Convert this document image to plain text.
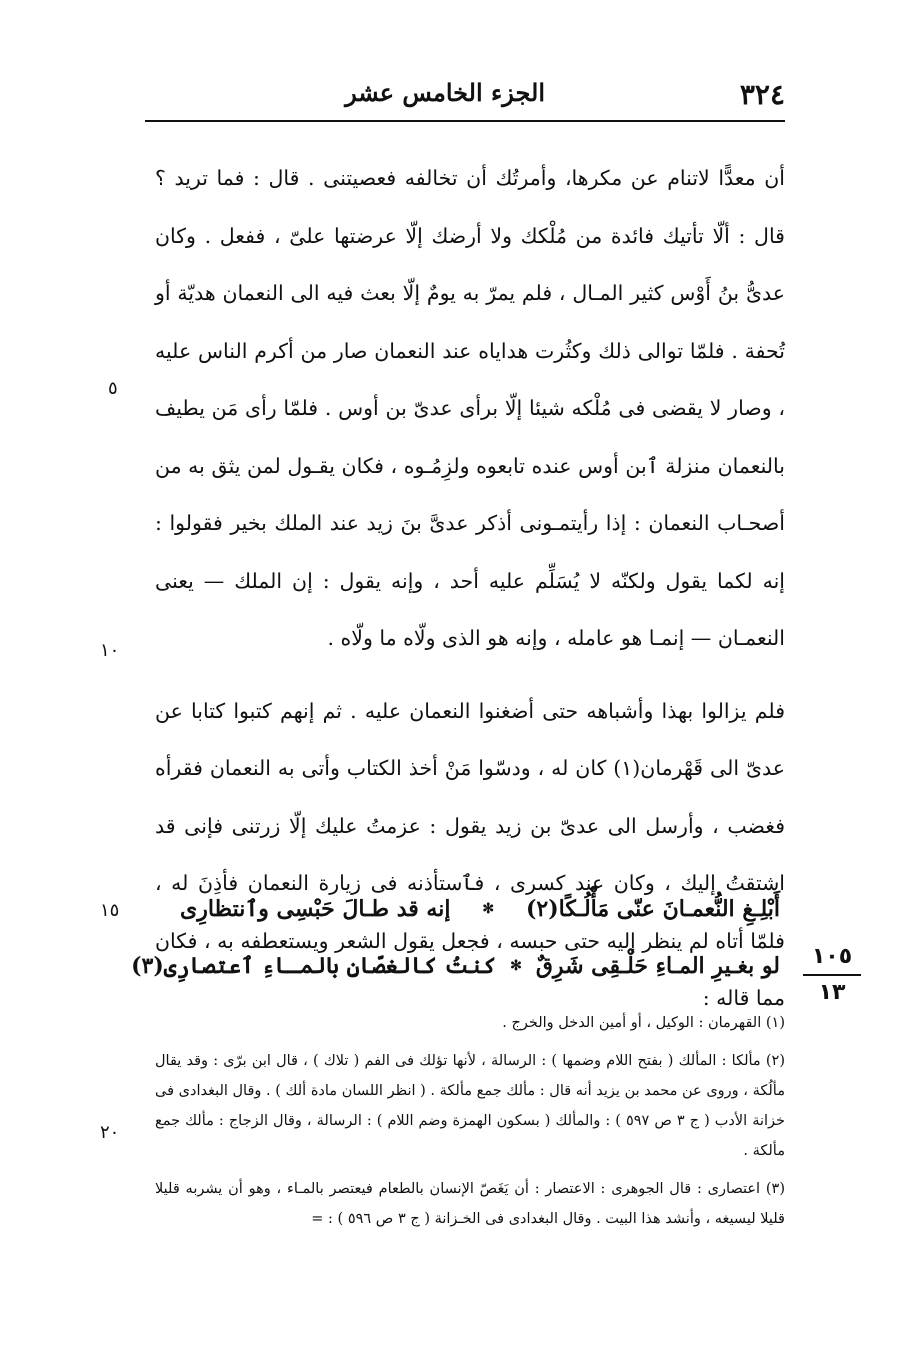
٣٢٤
الجزء الخامس عشر

أن معدًّا لاتنام عن مكرها، وأمرتُك أن تخالفه فعصيتنى . قال : فما تريد ؟ قال : ألّا تأتيك فائدة من مُلْكك ولا أرضك إلّا عرضتها علىّ ، ففعل . وكان عدىُّ بنُ أَوْس كثير المـال ، فلم يمرّ به يومٌ إلّا بعث فيه الى النعمان هديّة أو تُحفة . فلمّا توالى ذلك وكثُرت هداياه عند النعمان صار من أكرم الناس عليه ، وصار لا يقضى فى مُلْكه شيئا إلّا برأى عدىّ بن أوس . فلمّا رأى مَن يطيف بالنعمان منزلة ٱبن أوس عنده تابعوه ولزِمُـوه ، فكان يقـول لمن يثق به من أصحـاب النعمان : إذا رأيتمـونى أذكر عدىَّ بنَ زيد عند الملك بخير فقولوا : إنه لكما يقول ولكنّه لا يُسَلِّم عليه أحد ، وإنه يقول : إن الملك — يعنى النعمـان — إنمـا هو عامله ، وإنه هو الذى ولّاه ما ولّاه .

فلم يزالوا بهذا وأشباهه حتى أضغنوا النعمان عليه . ثم إنهم كتبوا كتابا عن عدىّ الى قَهْرمان(١) كان له ، ودسّوا مَنْ أخذ الكتاب وأتى به النعمان فقرأه فغضب ، وأرسل الى عدىّ بن زيد يقول : عزمتُ عليك إلّا زرتنى فإنى قد اشتقتُ إليك ، وكان عند كسرى ، فٱستأذنه فى زيارة النعمان فأذِنَ له ، فلمّا أتاه لم ينظر إليه حتى حبسه ، فجعل يقول الشعر ويستعطفه به ، فكان مما قاله :

أَبْلِـغِ النُّعمـانَ عنّى مَأْلُـكًا(٢)
✻
إنه قد طـالَ حَبْسِى وٱنتظارِى
لو بغـيرِ المـاءِ حَلْـقِى شَرِقٌ
✻
كنتُ كالغصّانِ بالمـاءِ ٱعتصارِى(٣)
٥
١٠
١٥
٢٠
١٠٥
١٣

(١) القهرمان : الوكيل ، أو أمين الدخل والخرج .

(٢) مألكا : المألك ( بفتح اللام وضمها ) : الرسالة ، لأنها تؤلك فى الفم ( تلاك ) ، قال ابن برّى : وقد يقال مألُكة ، وروى عن محمد بن يزيد أنه قال : مألك جمع مألكة . ( انظر اللسان مادة ألك ) . وقال البغدادى فى خزانة الأدب ( ج ٣ ص ٥٩٧ ) : والمألك ( بسكون الهمزة وضم اللام ) : الرسالة ، وقال الزجاج : مألك جمع مألكة .

(٣) اعتصارى : قال الجوهرى : الاعتصار : أن يَغَصّ الإنسان بالطعام فيعتصر بالمـاء ، وهو أن يشربه قليلا قليلا ليسيغه ، وأنشد هذا البيت . وقال البغدادى فى الخـزانة ( ج ٣ ص ٥٩٦ ) : =
